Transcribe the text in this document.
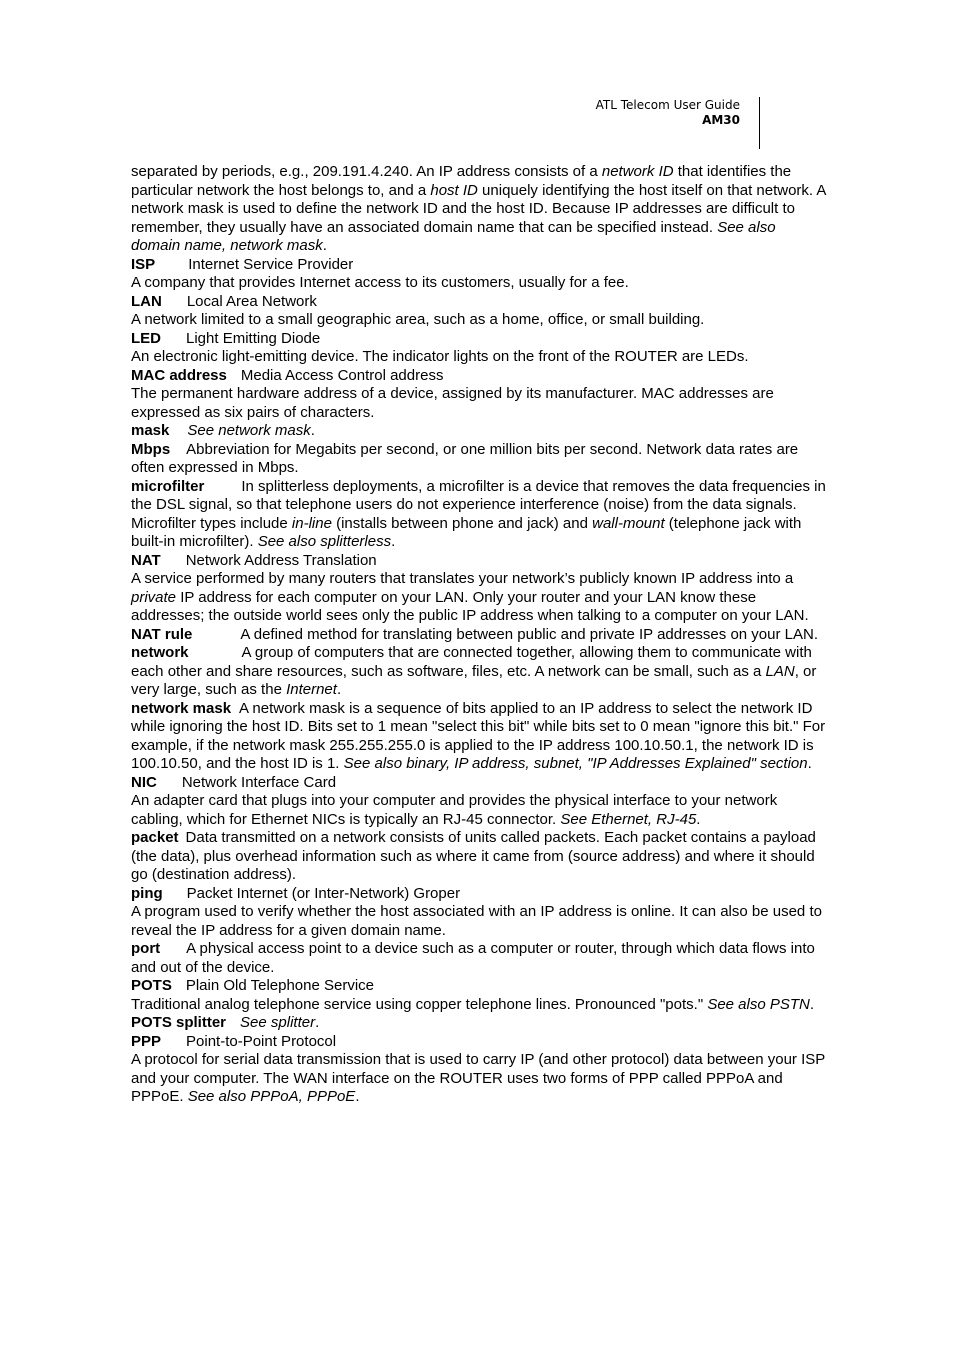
ATL Telecom User Guide
AM30

separated by periods, e.g., 209.191.4.240. An IP address consists of a network ID that identifies the particular network the host belongs to, and a host ID uniquely identifying the host itself on that network. A network mask is used to define the network ID and the host ID. Because IP addresses are difficult to remember, they usually have an associated domain name that can be specified instead. See also domain name, network mask.

ISP Internet Service Provider

A company that provides Internet access to its customers, usually for a fee.

LAN Local Area Network

A network limited to a small geographic area, such as a home, office, or small building.

LED Light Emitting Diode

An electronic light-emitting device. The indicator lights on the front of the ROUTER are LEDs.

MAC address Media Access Control address

The permanent hardware address of a device, assigned by its manufacturer. MAC addresses are expressed as six pairs of characters.

mask See network mask.

Mbps Abbreviation for Megabits per second, or one million bits per second. Network data rates are often expressed in Mbps.

microfilter In splitterless deployments, a microfilter is a device that removes the data frequencies in the DSL signal, so that telephone users do not experience interference (noise) from the data signals. Microfilter types include in-line (installs between phone and jack) and wall-mount (telephone jack with built-in microfilter). See also splitterless.

NAT Network Address Translation

A service performed by many routers that translates your network’s publicly known IP address into a private IP address for each computer on your LAN. Only your router and your LAN know these addresses; the outside world sees only the public IP address when talking to a computer on your LAN.

NAT rule	A defined method for translating between public and private IP addresses on your LAN.

network	A group of computers that are connected together, allowing them to communicate with each other and share resources, such as software, files, etc. A network can be small, such as a LAN, or very large, such as the Internet.

network mask A network mask is a sequence of bits applied to an IP address to select the network ID while ignoring the host ID. Bits set to 1 mean "select this bit" while bits set to 0 mean "ignore this bit." For example, if the network mask 255.255.255.0 is applied to the IP address 100.10.50.1, the network ID is 100.10.50, and the host ID is 1. See also binary, IP address, subnet, "IP Addresses Explained" section.

NIC Network Interface Card

An adapter card that plugs into your computer and provides the physical interface to your network cabling, which for Ethernet NICs is typically an RJ-45 connector. See Ethernet, RJ-45.

packet Data transmitted on a network consists of units called packets. Each packet contains a payload (the data), plus overhead information such as where it came from (source address) and where it should go (destination address).

ping Packet Internet (or Inter-Network) Groper

A program used to verify whether the host associated with an IP address is online. It can also be used to reveal the IP address for a given domain name.

port A physical access point to a device such as a computer or router, through which data flows into and out of the device.

POTS Plain Old Telephone Service

Traditional analog telephone service using copper telephone lines. Pronounced "pots." See also PSTN.

POTS splitter See splitter.

PPP Point-to-Point Protocol

A protocol for serial data transmission that is used to carry IP (and other protocol) data between your ISP and your computer. The WAN interface on the ROUTER uses two forms of PPP called PPPoA and PPPoE. See also PPPoA, PPPoE.
